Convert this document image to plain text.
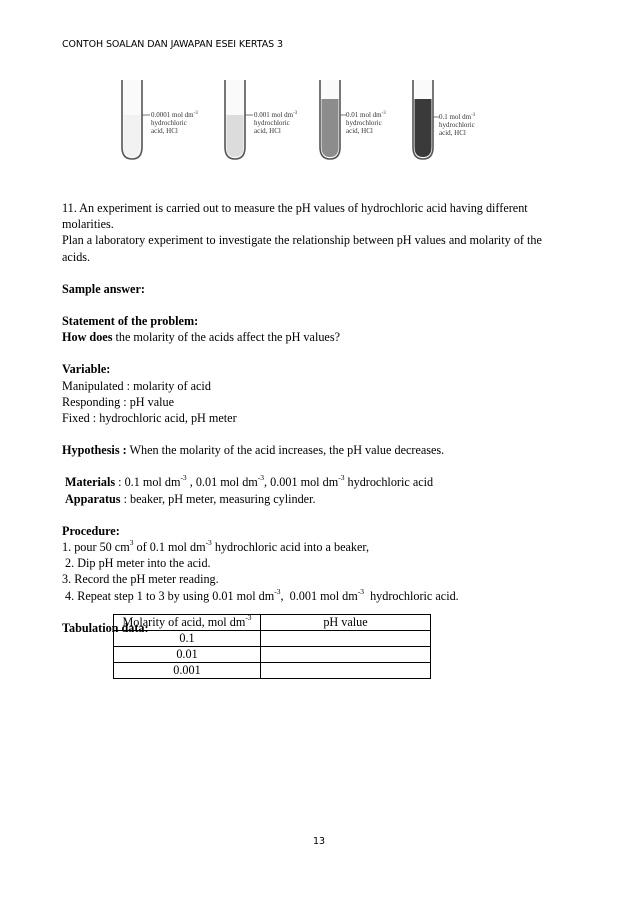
CONTOH SOALAN DAN JAWAPAN ESEI KERTAS 3
0.0001 mol $dm^{-3}$
hydrochloric
acid, HCl
0.001 mol $dm^{-3}$
hydrochloric
acid, HCl
0.01 mol $dm^{-3}$
hydrochloric
acid, HCl
0.1 mol $dm^{-3}$
hydrochloric
acid, HCl

11. An experiment is carried out to measure the pH values of hydrochloric acid having different

molarities.

Plan a laboratory experiment to investigate the relationship between pH values and molarity of the

acids.

Sample answer:

Statement of the problem:

How does the molarity of the acids affect the pH values?

Variable:

Manipulated : molarity of acid

Responding : pH value

Fixed : hydrochloric acid, pH meter

Hypothesis : When the molarity of the acid increases, the pH value decreases.

Materials : 0.1 mol $dm^{-3}$ , 0.01 mol $dm^{-3}$, 0.001 mol $dm^{-3}$ hydrochloric acid

Apparatus : beaker, pH meter, measuring cylinder.

Procedure:

1. pour 50 $cm^3$ of 0.1 mol $dm^{-3}$ hydrochloric acid into a beaker,

2. Dip pH meter into the acid.

3. Record the pH meter reading.

4. Repeat step 1 to 3 by using 0.01 mol $dm^{-3}$,  0.001 mol $dm^{-3}$  hydrochloric acid.

Tabulation data:

Molarity of acid, mol $dm^{-3}$	pH value
0.1	
0.01	
0.001	
13
